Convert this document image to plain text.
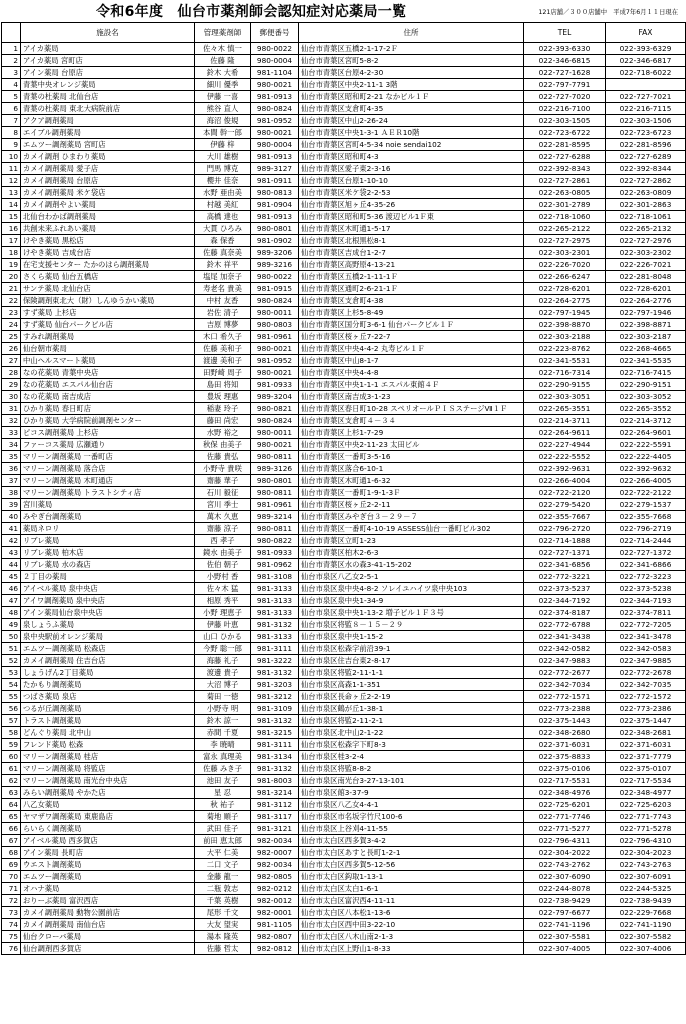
令和6年度　仙台市薬剤師会認知症対応薬局一覧	121店舗／３００店舗中　平成7年6月１１日現在
	施設名	管理薬剤師	郵便番号	住所	TEL	FAX
1	アイカ薬局	佐々木 慎一	980-0022	仙台市青葉区五橋2-1-17-2Ｆ	022-393-6330	022-393-6329
2	アイカ薬局 宮町店	佐藤 隆	980-0004	仙台市青葉区宮町5-8-2	022-346-6815	022-346-6817
3	アイン薬局 台原店	鈴木 大希	981-1104	仙台市青葉区台原4-2-30	022-727-1628	022-718-6022
4	青葉中央オレンジ薬局	細川 優季	980-0021	仙台市青葉区中央2-11-1 3階	022-797-7791	
5	青葉の杜薬局 北仙台店	伊藤 一喜	981-0913	仙台市青葉区昭和町2-21 なかビル１Ｆ	022-727-7020	022-727-7021
6	青葉の杜薬局 東北大病院前店	熊谷 直人	980-0824	仙台市青葉区支倉町4-35	022-216-7100	022-216-7115
7	アクア調剤薬局	海沼 俊規	981-0952	仙台市青葉区中山2-26-24	022-303-1505	022-303-1506
8	エイブル調剤薬局	本間 幹一郎	980-0021	仙台市青葉区中央1-3-1 ＡＥＲ10階	022-723-6722	022-723-6723
9	エムツー調剤薬局 宮町店	伊藤 梓	980-0004	仙台市青葉区宮町4-5-34 noie sendai102	022-281-8595	022-281-8596
10	カメイ調剤 ひまわり薬局	大川 雄樹	981-0913	仙台市青葉区昭和町4-3	022-727-6288	022-727-6289
11	カメイ調剤薬局 愛子店	門馬 博克	989-3127	仙台市青葉区愛子東2-3-16	022-392-8343	022-392-8344
12	カメイ調剤薬局 台原店	櫻井 佳奈	981-0911	仙台市青葉区台原1-10-10	022-727-2861	022-727-2862
13	カメイ調剤薬局 米ケ袋店	水野 亜由美	980-0813	仙台市青葉区米ケ袋2-2-53	022-263-0805	022-263-0809
14	カメイ調剤やよい薬局	村越 美紅	981-0904	仙台市青葉区旭ヶ丘4-35-26	022-301-2789	022-301-2863
15	北仙台わかば調剤薬局	高橋 達也	981-0913	仙台市青葉区昭和町5-36 渡辺ビル1Ｆ東	022-718-1060	022-718-1061
16	共創未来ふれあい薬局	大貫 ひろみ	980-0801	仙台市青葉区木町通1-5-17	022-265-2122	022-265-2132
17	けやき薬局 黒松店	森 保香	981-0902	仙台市青葉区北根黒松8-1	022-727-2975	022-727-2976
18	けやき薬局 吉成台店	佐藤 真奈美	989-3206	仙台市青葉区吉成台1-2-7	022-303-2301	022-303-2302
19	在宅支援センター たかのはら調剤薬局	鈴木 祥平	989-3216	仙台市青葉区高野原4-13-21	022-226-7020	022-226-7021
20	さくら薬局 仙台五橋店	塩尾 加奈子	980-0022	仙台市青葉区五橋2-1-11-1Ｆ	022-266-6247	022-281-8048
21	サンテ薬局 北仙台店	寿老名 貴美	981-0915	仙台市青葉区通町2-6-21-1Ｆ	022-728-6201	022-728-6201
22	保険調剤東北大（財）しんゆうかい薬局	中村 友香	980-0824	仙台市青葉区支倉町4-38	022-264-2775	022-264-2776
23	すず薬局 上杉店	岩佐 清子	980-0011	仙台市青葉区上杉5-8-49	022-797-1945	022-797-1946
24	すず薬局 仙台パークビル店	吉原 博夢	980-0803	仙台市青葉区国分町3-6-1 仙台パークビル１Ｆ	022-398-8870	022-398-8871
25	すみれ調剤薬局	木口 希久子	981-0961	仙台市青葉区桜ヶ丘7-22-7	022-303-2188	022-303-2187
26	仙台朝市薬局	佐藤 美和子	980-0021	仙台市青葉区中央4-4-2 丸寿ビル１Ｆ	022-223-8762	022-268-4665
27	中山ヘルスマート薬局	渡邊 美和子	981-0952	仙台市青葉区中山8-1-7	022-341-5531	022-341-5535
28	なの花薬局 青葉中央店	田野崎 周子	980-0021	仙台市青葉区中央4-4-8	022-716-7314	022-716-7415
29	なの花薬局 エスパル仙台店	島田 将知	981-0933	仙台市青葉区中央1-1-1 エスパル東館４Ｆ	022-290-9155	022-290-9151
30	なの花薬局 南吉成店	豊坂 理惠	989-3204	仙台市青葉区南吉成3-1-23	022-303-3051	022-303-3052
31	ひかり薬局 春日町店	稲妻 玲子	980-0821	仙台市青葉区春日町10-28 スペリオールＰＩＳステージⅦ１Ｆ	022-265-3551	022-265-3552
32	ひかり薬局 大学病院前調剤センター	藤田 尚宏	980-0824	仙台市青葉区支倉町４－３４	022-214-3711	022-214-3712
33	ピコス調剤薬局 上杉店	水野 裕之	980-0011	仙台市青葉区上杉1-7-29	022-264-9611	022-264-9601
34	ファーコス薬局 広瀬通り	秋保 由美子	980-0021	仙台市青葉区中央2-11-23 太田ビル	022-227-4944	022-222-5591
35	マリーン調剤薬局 一番町店	佐藤 貴弘	980-0811	仙台市青葉区一番町3-5-16	022-222-5552	022-222-4405
36	マリーン調剤薬局 落合店	小野寺 貴咲	989-3126	仙台市青葉区落合6-10-1	022-392-9631	022-392-9632
37	マリーン調剤薬局 木町通店	齋藤 華子	980-0801	仙台市青葉区木町通1-6-32	022-266-4004	022-266-4005
38	マリーン調剤薬局 トラストシティ店	石川 毅征	980-0811	仙台市青葉区一番町1-9-1-3Ｆ	022-722-2120	022-722-2122
39	宮川薬局	宮川 季士	981-0961	仙台市青葉区桜ヶ丘2-2-11	022-279-5420	022-279-1537
40	みやぎ台調剤薬局	萬木 久恵	989-3214	仙台市青葉区みやぎ台３－２９－７	022-355-7667	022-355-7668
41	薬局ネロリ	齋藤 涼子	980-0811	仙台市青葉区一番町4-10-19 ASSESS仙台一番町ビル302	022-796-2720	022-796-2719
42	リブレ薬局	西 孝子	980-0822	仙台市青葉区立町1-23	022-714-1888	022-714-2444
43	リブレ薬局 柏木店	鏡水 由美子	981-0933	仙台市青葉区柏木2-6-3	022-727-1371	022-727-1372
44	リブレ薬局 水の森店	佐伯 朝子	981-0962	仙台市青葉区水の森3-41-15-202	022-341-6856	022-341-6866
45	２丁目の薬局	小野村 香	981-3108	仙台市泉区八乙女2-5-1	022-772-3221	022-772-3223
46	アイベル薬局 泉中央店	佐々木 猛	981-3133	仙台市泉区泉中央4-8-2 ソレイユハイツ泉中央103	022-373-5237	022-373-5238
47	アイワ調剤薬局 泉中央店	相原 秀平	981-3133	仙台市泉区泉中央1-34-9	022-344-7192	022-344-7193
48	アイン薬局仙台泉中央店	小野 理恵子	981-3133	仙台市泉区泉中央1-13-2 増子ビル１Ｆ３号	022-374-8187	022-374-7811
49	泉しょうふ薬局	伊藤 叶恵	981-3132	仙台市泉区将監８－１５－２９	022-772-6788	022-772-7205
50	泉中央駅前オレンジ薬局	山口 ひかる	981-3133	仙台市泉区泉中央1-15-2	022-341-3438	022-341-3478
51	エムツー調剤薬局 松森店	今野 聡一郎	981-3111	仙台市泉区松森字前沿39-1	022-342-0582	022-342-0583
52	カメイ調剤薬局 住吉台店	海藤 礼子	981-3222	仙台市泉区住吉台東2-8-17	022-347-9883	022-347-9885
53	しょうげん2丁目薬局	渡邊 貴子	981-3132	仙台市泉区将監2-11-1-1	022-772-2677	022-772-2678
54	たかもり調剤薬局	大沼 博子	981-3203	仙台市泉区高森1-1-351	022-342-7034	022-342-7035
55	つばさ薬局 泉店	菊田 一徳	981-3212	仙台市泉区長命ヶ丘2-2-19	022-772-1571	022-772-1572
56	つるが丘調剤薬局	小野寺 明	981-3109	仙台市泉区鶴が丘1-38-1	022-773-2388	022-773-2386
57	トラスト調剤薬局	鈴木 諒一	981-3132	仙台市泉区将監2-11-2-1	022-375-1443	022-375-1447
58	どんぐり薬局 北中山	赤間 千夏	981-3215	仙台市泉区北中山2-1-22	022-348-2680	022-348-2681
59	フレンド薬局 松森	李 暁晴	981-3111	仙台市泉区松森字下町8-3	022-371-6031	022-371-6031
60	マリーン調剤薬局 桂店	富永 真理美	981-3134	仙台市泉区桂3-2-4	022-375-8833	022-371-7779
61	マリーン調剤薬局 将監店	佐藤 みき子	981-3132	仙台市泉区将監8-8-2	022-375-0106	022-375-0107
62	マリーン調剤薬局 南光台中央店	池田 友子	981-8003	仙台市泉区南光台3-27-13-101	022-717-5531	022-717-5534
63	みらい調剤薬局 やかた店	星 忍	981-3214	仙台市泉区館3-37-9	022-348-4976	022-348-4977
64	八乙女薬局	秋 祐子	981-3112	仙台市泉区八乙女4-4-1	022-725-6201	022-725-6203
65	ヤマザワ調剤薬局 東鹿島店	菊地 順子	981-3117	仙台市泉区市名坂字竹尺100-6	022-771-7746	022-771-7743
66	らいらく調剤薬局	武田 佳子	981-3121	仙台市泉区上谷刈4-11-55	022-771-5277	022-771-5278
67	アイベル薬局 西多賀店	前田 恵太郎	982-0034	仙台市太白区西多賀3-4-2	022-796-4311	022-796-4310
68	アイン薬局 長町店	大平 仁美	982-0007	仙台市太白区あすと長町1-2-1	022-304-2022	022-304-2023
69	ウエスト調剤薬局	二口 文子	982-0034	仙台市太白区西多賀5-12-56	022-743-2762	022-743-2763
70	エムツー調剤薬局	金藤 龍一	982-0805	仙台市太白区鈎取1-13-1	022-307-6090	022-307-6091
71	オハナ薬局	二瓶 敦志	982-0212	仙台市太白区太白1-6-1	022-244-8078	022-244-5325
72	おりーぶ薬局 富沢西店	千葉 英樹	982-0012	仙台市太白区富沢西4-11-11	022-738-9429	022-738-9439
73	カメイ調剤薬局 動物公園前店	尾形 千文	982-0001	仙台市太白区八本松1-13-6	022-797-6677	022-229-7668
74	カメイ調剤薬局 南仙台店	大友 望実	981-1105	仙台市太白区西中田3-22-10	022-741-1196	022-741-1190
75	仙台クローバ薬局	湯本 隆英	982-0807	仙台市太白区八木山南2-1-3	022-307-5581	022-307-5582
76	仙台調剤西多賀店	佐藤 哲太	982-0812	仙台市太白区上野山1-8-33	022-307-4005	022-307-4006
